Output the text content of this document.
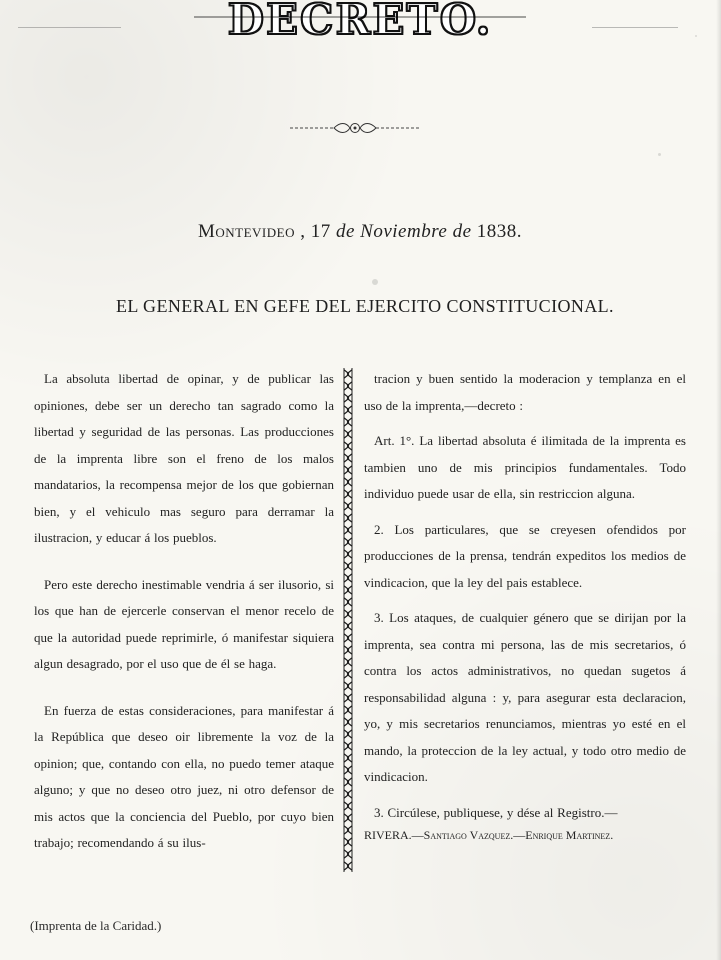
DECRETO.
Montevideo , 17 de Noviembre de 1838.
EL GENERAL EN GEFE DEL EJERCITO CONSTITUCIONAL.

La absoluta libertad de opinar, y de publicar las opiniones, debe ser un derecho tan sagrado como la libertad y seguridad de las personas. Las producciones de la imprenta libre son el freno de los malos mandatarios, la recompensa mejor de los que gobiernan bien, y el vehiculo mas seguro para derramar la ilustracion, y educar á los pueblos.

Pero este derecho inestimable vendria á ser ilusorio, si los que han de ejercerle conservan el menor recelo de que la autoridad puede reprimirle, ó manifestar siquiera algun desagrado, por el uso que de él se haga.

En fuerza de estas consideraciones, para manifestar á la República que deseo oir libremente la voz de la opinion; que, contando con ella, no puedo temer ataque alguno; y que no deseo otro juez, ni otro defensor de mis actos que la conciencia del Pueblo, por cuyo bien trabajo; recomendando á su ilus-

tracion y buen sentido la moderacion y templanza en el uso de la imprenta,—decreto :

Art. 1°. La libertad absoluta é ilimitada de la imprenta es tambien uno de mis principios fundamentales. Todo individuo puede usar de ella, sin restriccion alguna.

2. Los particulares, que se creyesen ofendidos por producciones de la prensa, tendrán expeditos los medios de vindicacion, que la ley del pais establece.

3. Los ataques, de cualquier género que se dirijan por la imprenta, sea contra mi persona, las de mis secretarios, ó contra los actos administrativos, no quedan sugetos á responsabilidad alguna : y, para asegurar esta declaracion, yo, y mis secretarios renunciamos, mientras yo esté en el mando, la proteccion de la ley actual, y todo otro medio de vindicacion.

3. Circúlese, publiquese, y dése al Registro.—

RIVERA.—Santiago Vazquez.—Enrique Martinez.
(Imprenta de la Caridad.)
